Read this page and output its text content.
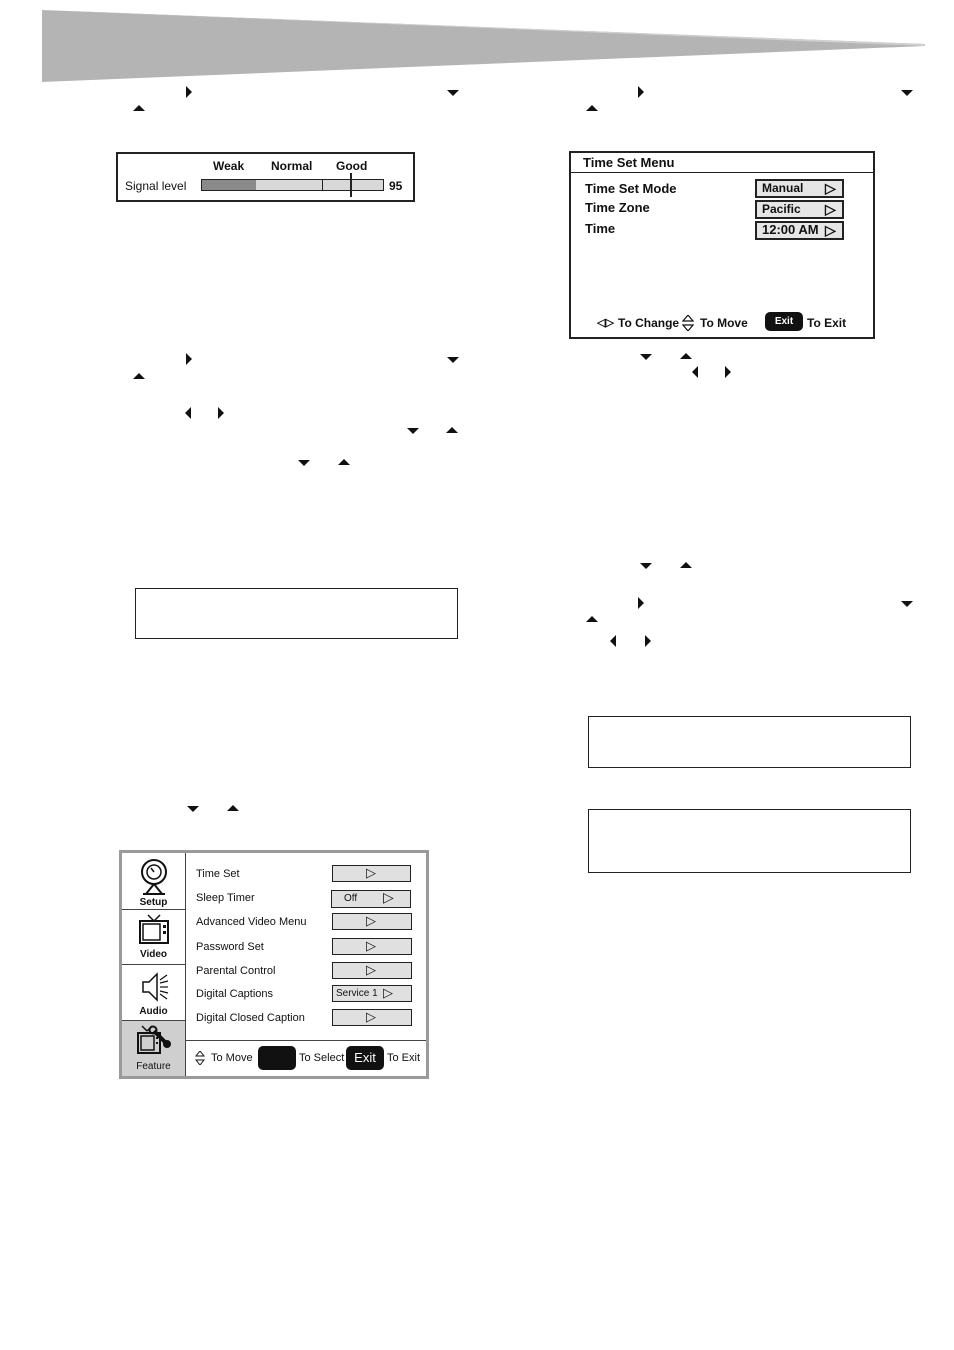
Weak Normal Good
Signal level	95
Setup
Video
Audio
Feature
Time Set	▷
Sleep Timer	Off ▷
Advanced Video Menu	▷
Password Set	▷
Parental Control	▷
Digital Captions	Service 1 ▷
Digital Closed Caption	▷
To Move	To Select Exit	To Exit
Time Set Menu
Time Set Mode	Manual ▷
Time Zone	Pacific ▷
Time	12:00 AM ▷
◁▷ To Change To Move	Exit	To Exit
